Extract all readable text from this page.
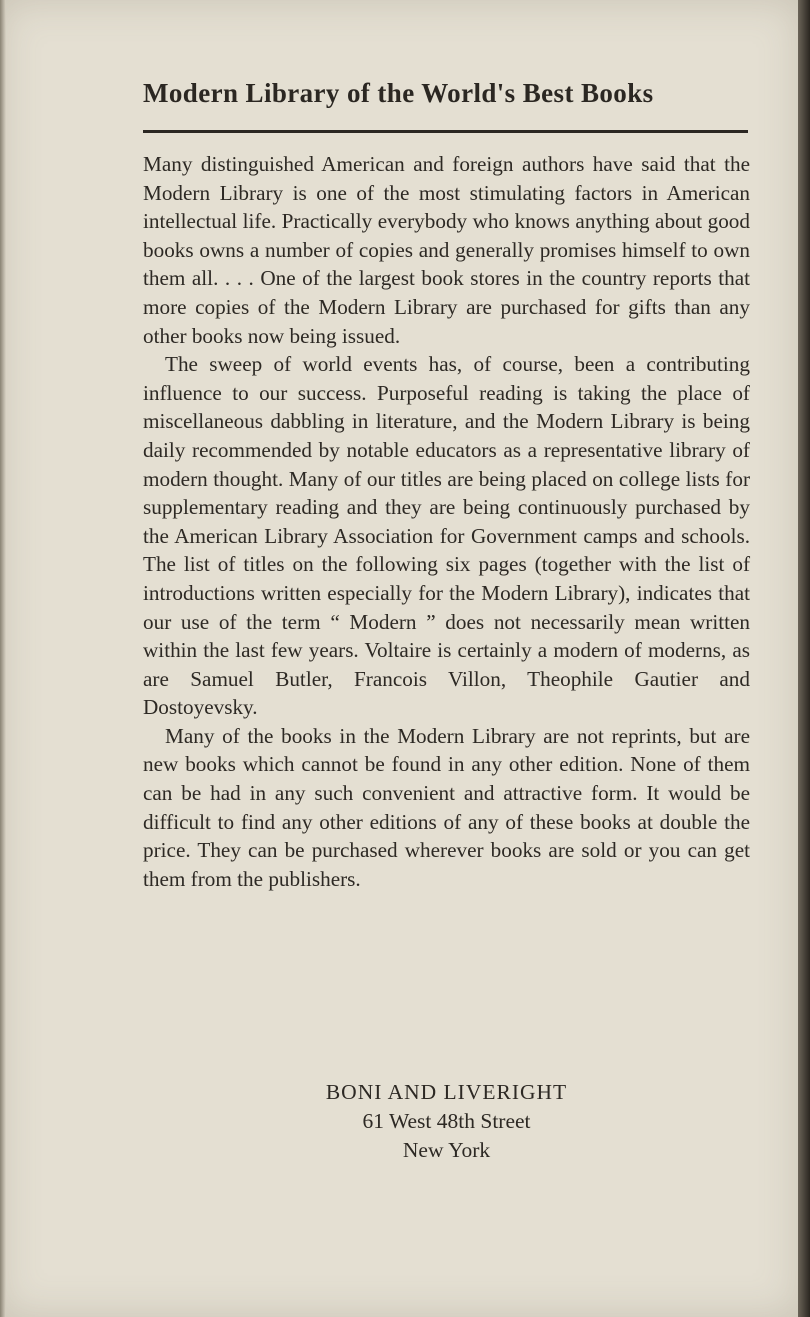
Modern Library of the World's Best Books

Many distinguished American and foreign authors have said that the Modern Library is one of the most stimulating factors in American intellectual life. Practically everybody who knows anything about good books owns a number of copies and generally promises himself to own them all. . . . One of the largest book stores in the country reports that more copies of the Modern Library are purchased for gifts than any other books now being issued.

The sweep of world events has, of course, been a contributing influence to our success. Purposeful reading is taking the place of miscellaneous dabbling in literature, and the Modern Library is being daily recommended by notable educators as a representative library of modern thought. Many of our titles are being placed on college lists for supplementary reading and they are being continuously purchased by the American Library Association for Government camps and schools. The list of titles on the following six pages (together with the list of introductions written especially for the Modern Library), indicates that our use of the term “ Modern ” does not necessarily mean written within the last few years. Voltaire is certainly a modern of moderns, as are Samuel Butler, Francois Villon, Theophile Gautier and Dostoyevsky.

Many of the books in the Modern Library are not reprints, but are new books which cannot be found in any other edition. None of them can be had in any such convenient and attractive form. It would be difficult to find any other editions of any of these books at double the price. They can be purchased wherever books are sold or you can get them from the publishers.

BONI AND LIVERIGHT
61 West 48th Street
New York
